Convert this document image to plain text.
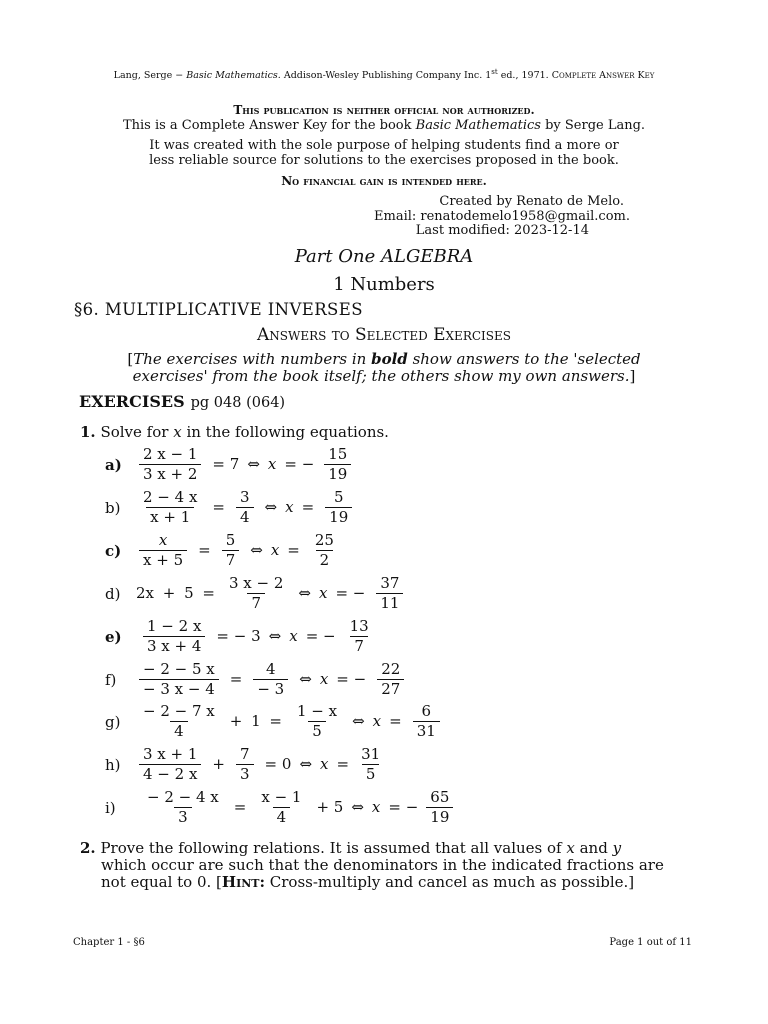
Lang, Serge − Basic Mathematics. Addison-Wesley Publishing Company Inc. 1st ed., 1971. Complete Answer Key
This publication is neither official nor authorized.
This is a Complete Answer Key for the book Basic Mathematics by Serge Lang.
It was created with the sole purpose of helping students find a more or
less reliable source for solutions to the exercises proposed in the book.
No financial gain is intended here.
Created by Renato de Melo.
Email: renatodemelo1958@gmail.com.
Last modified: 2023-12-14
Part One ALGEBRA
1 Numbers
§6. MULTIPLICATIVE INVERSES
Answers to Selected Exercises
[The exercises with numbers in bold show answers to the 'selected
exercises' from the book itself; the others show my own answers.]
EXERCISES pg 048 (064)
1. Solve for x in the following equations.
$a) \frac{2 x - 1}{3 x + 2} = 7$ ⇔ x = − $\frac{15}{19}$
$b) \frac{2 - 4 x}{x + 1} = \frac{3}{4}$ ⇔ $x = \frac{5}{19}$
$c) \frac{x}{x + 5} = \frac{5}{7}$ ⇔ $x = \frac{25}{2}$
d) $2x + 5 = \frac{3 x - 2}{7}$ ⇔ x = − $\frac{37}{11}$
$e) \frac{1 - 2 x}{3 x + 4}$ = − 3 ⇔ x = − $\frac{13}{7}$
$f) \frac{- 2 - 5 x}{- 3 x - 4} = \frac{4}{- 3}$ ⇔ x = − $\frac{22}{27}$
$g) \frac{- 2 - 7 x}{4} + 1 = \frac{1 - x}{5}$ ⇔ $x = \frac{6}{31}$
$h) \frac{3 x + 1}{4 - 2 x} + \frac{7}{3} = 0$ ⇔ $x = \frac{31}{5}$
$i) \frac{- 2 - 4 x}{3} = \frac{x - 1}{4} + 5$ ⇔ x = − $\frac{65}{19}$
2. Prove the following relations. It is assumed that all values of x and y
which occur are such that the denominators in the indicated fractions are
not equal to 0. [Hint: Cross-multiply and cancel as much as possible.]
Chapter 1 - §6	Page 1 out of 11
